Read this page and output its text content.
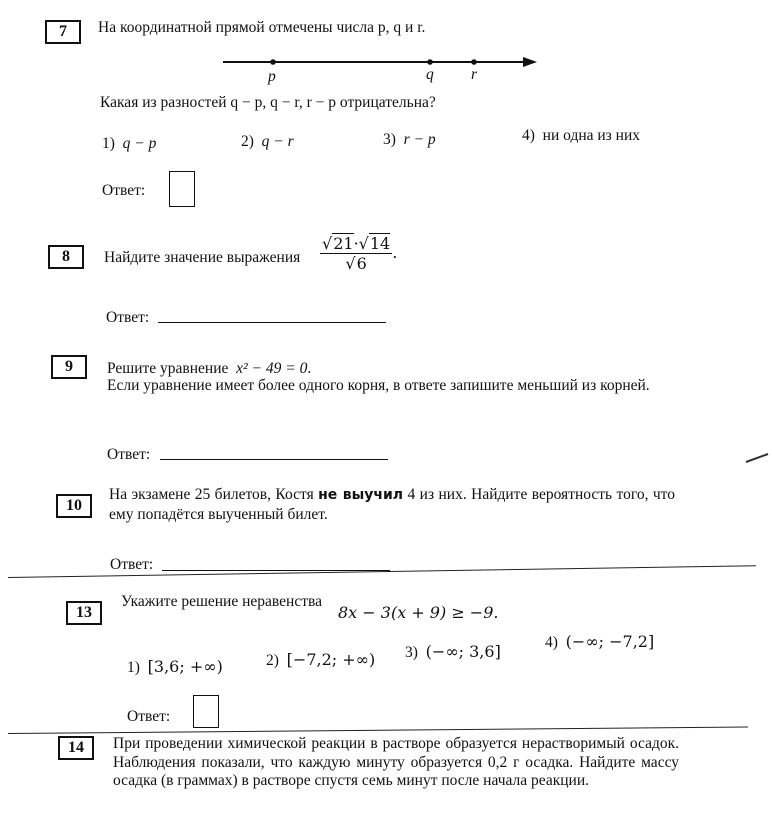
7	На координатной прямой отмечены числа p, q и r.
p	q r
Какая из разностей q − p, q − r, r − p отрицательна?
1) q − p	2) q − r	3) r − p	4) ни одна из них
Ответ:
8	Найдите значение выражения $\frac{√21\cdot√14}{√6}$ .
Ответ:
9	Решите уравнение x² − 49 = 0.
Если уравнение имеет более одного корня, в ответе запишите меньший из корней.
Ответ:
10
На экзамене 25 билетов, Костя не выучил 4 из них. Найдите вероятность того, что ему попадётся выученный билет.
Ответ:
13
Укажите решение неравенства
8x − 3(x + 9) ≥ −9.
1) [3,6; +∞)	2) [−7,2; +∞) 3) (−∞; 3,6]	4) (−∞; −7,2]
Ответ:
14	При проведении химической реакции в растворе образуется нерастворимый осадок. Наблюдения показали, что каждую минуту образуется 0,2 г осадка. Найдите массу осадка (в граммах) в растворе спустя семь минут после начала реакции.
